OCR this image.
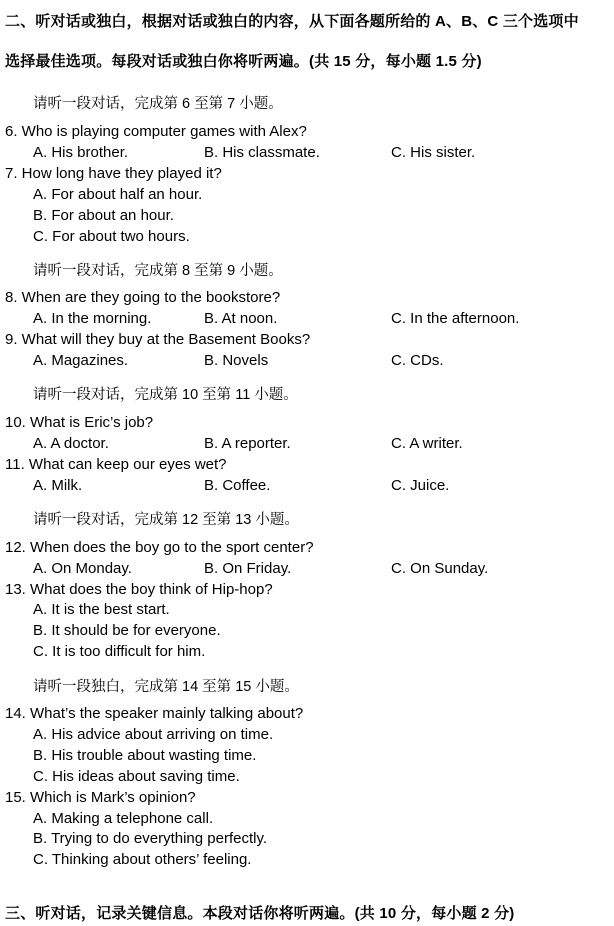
二、听对话或独白，根据对话或独白的内容，从下面各题所给的 A、B、C 三个选项中
选择最佳选项。每段对话或独白你将听两遍。(共 15 分，每小题 1.5 分)
请听一段对话，完成第 6 至第 7 小题。
6. Who is playing computer games with Alex?
A. His brother.	B. His classmate.	C. His sister.
7. How long have they played it?
A. For about half an hour.
B. For about an hour.
C. For about two hours.
请听一段对话，完成第 8 至第 9 小题。
8. When are they going to the bookstore?
A. In the morning.	B. At noon.	C. In the afternoon.
9. What will they buy at the Basement Books?
A. Magazines.	B. Novels	C. CDs.
请听一段对话，完成第 10 至第 11 小题。
10. What is Eric’s job?
A. A doctor.	B. A reporter.	C. A writer.
11. What can keep our eyes wet?
A. Milk.	B. Coffee.	C. Juice.
请听一段对话，完成第 12 至第 13 小题。
12. When does the boy go to the sport center?
A. On Monday.	B. On Friday.	C. On Sunday.
13. What does the boy think of Hip-hop?
A. It is the best start.
B. It should be for everyone.
C. It is too difficult for him.
请听一段独白，完成第 14 至第 15 小题。
14. What’s the speaker mainly talking about?
A. His advice about arriving on time.
B. His trouble about wasting time.
C. His ideas about saving time.
15. Which is Mark’s opinion?
A. Making a telephone call.
B. Trying to do everything perfectly.
C. Thinking about others’ feeling.
三、听对话，记录关键信息。本段对话你将听两遍。(共 10 分，每小题 2 分)
